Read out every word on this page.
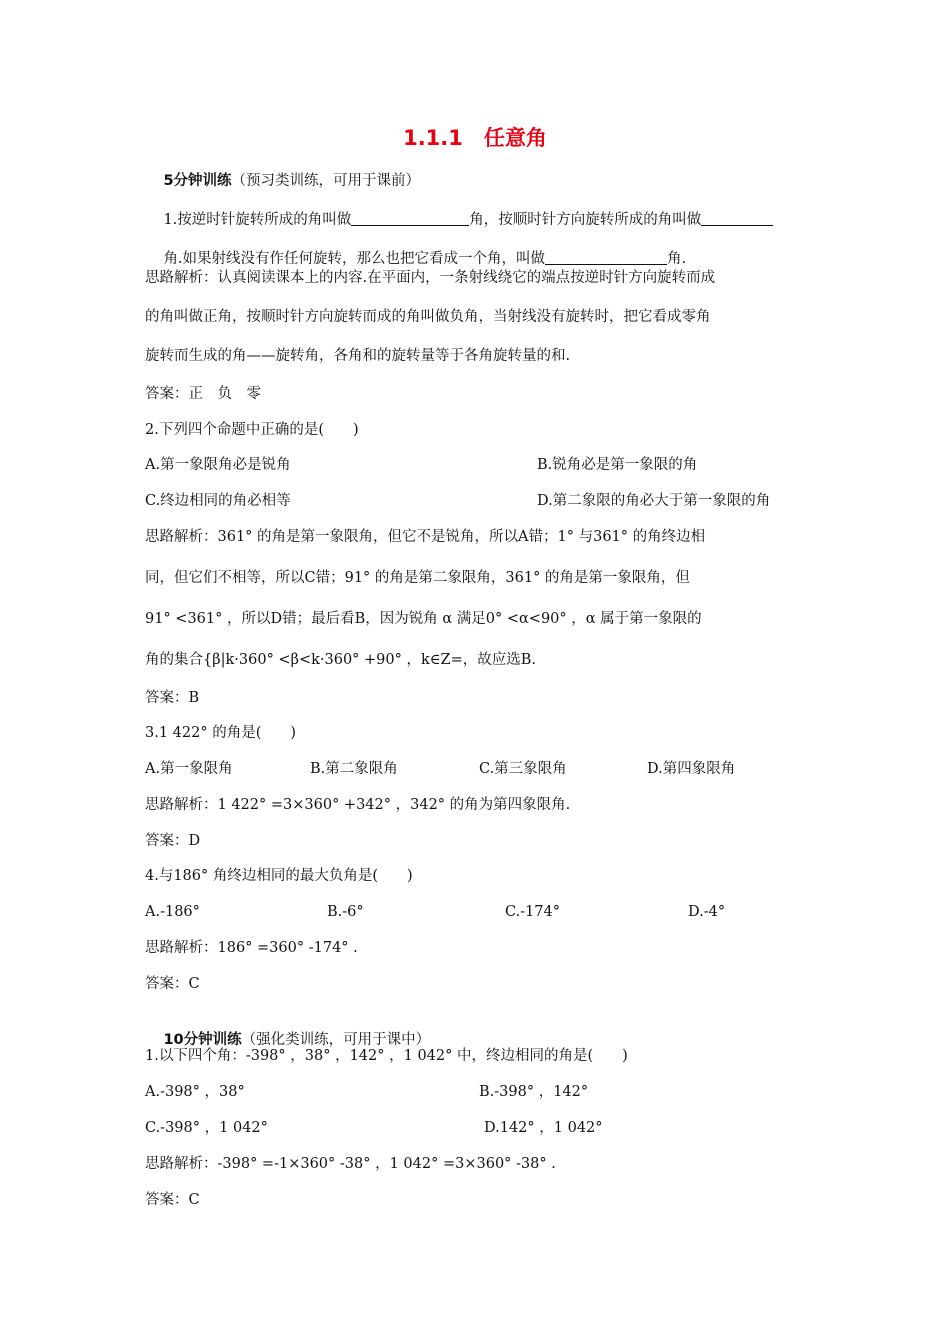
1.1.1　任意角

5分钟训练（预习类训练，可用于课前）

1.按逆时针旋转所成的角叫做	角，按顺时针方向旋转所成的角叫做

角.如果射线没有作任何旋转，那么也把它看成一个角，叫做	角.

思路解析：认真阅读课本上的内容.在平面内，一条射线绕它的端点按逆时针方向旋转而成
的角叫做正角，按顺时针方向旋转而成的角叫做负角，当射线没有旋转时，把它看成零角
旋转而生成的角——旋转角，各角和的旋转量等于各角旋转量的和.
答案：正　负　零
2.下列四个命题中正确的是(　　)
A.第一象限角必是锐角	B.锐角必是第一象限的角
C.终边相同的角必相等	D.第二象限的角必大于第一象限的角
思路解析：361° 的角是第一象限角，但它不是锐角，所以A错；1° 与361° 的角终边相
同，但它们不相等，所以C错；91° 的角是第二象限角，361° 的角是第一象限角，但
91° <361° ，所以D错；最后看B，因为锐角 α 满足0° <α<90° ，α 属于第一象限的
角的集合{β|k·360° <β<k·360° +90° ，k∈Z=，故应选B.
答案：B
3.1 422° 的角是(　　)
A.第一象限角	B.第二象限角	C.第三象限角	D.第四象限角
思路解析：1 422° =3×360° +342° ，342° 的角为第四象限角.
答案：D
4.与186° 角终边相同的最大负角是(　　)
A.-186°	B.-6°	C.-174°	D.-4°
思路解析：186° =360° -174° .
答案：C

10分钟训练（强化类训练，可用于课中）

1.以下四个角：-398° ，38° ，142° ，1 042° 中，终边相同的角是(　　)
A.-398° ，38°	B.-398° ，142°
C.-398° ，1 042°	D.142° ，1 042°
思路解析：-398° =-1×360° -38° ，1 042° =3×360° -38° .
答案：C
